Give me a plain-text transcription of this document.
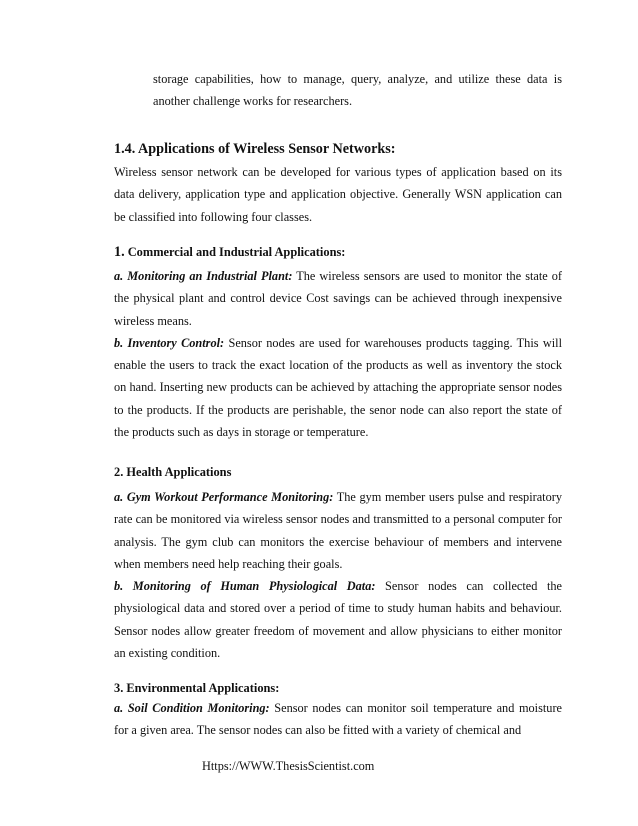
storage capabilities, how to manage, query, analyze, and utilize these data is another challenge works for researchers.

1.4. Applications of Wireless Sensor Networks:

Wireless sensor network can be developed for various types of application based on its data delivery, application type and application objective. Generally WSN application can be classified into following four classes.

1. Commercial and Industrial Applications:

a. Monitoring an Industrial Plant: The wireless sensors are used to monitor the state of the physical plant and control device Cost savings can be achieved through inexpensive wireless means.

b. Inventory Control: Sensor nodes are used for warehouses products tagging. This will enable the users to track the exact location of the products as well as inventory the stock on hand. Inserting new products can be achieved by attaching the appropriate sensor nodes to the products. If the products are perishable, the senor node can also report the state of the products such as days in storage or temperature.

2. Health Applications

a. Gym Workout Performance Monitoring: The gym member users pulse and respiratory rate can be monitored via wireless sensor nodes and transmitted to a personal computer for analysis. The gym club can monitors the exercise behaviour of members and intervene when members need help reaching their goals.

b. Monitoring of Human Physiological Data: Sensor nodes can collected the physiological data and stored over a period of time to study human habits and behaviour. Sensor nodes allow greater freedom of movement and allow physicians to either monitor an existing condition.

3. Environmental Applications:

a. Soil Condition Monitoring: Sensor nodes can monitor soil temperature and moisture for a given area. The sensor nodes can also be fitted with a variety of chemical and

Https://WWW.ThesisScientist.com
